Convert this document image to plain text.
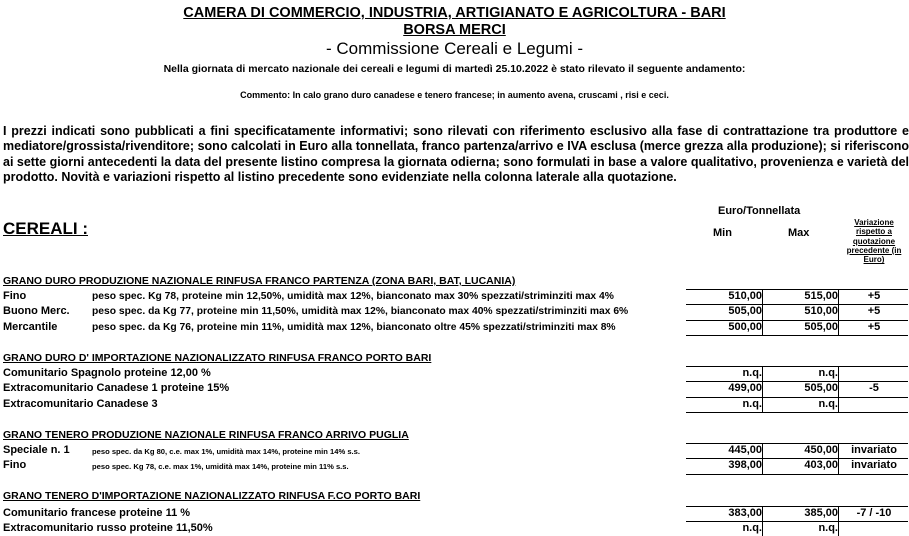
CAMERA DI COMMERCIO, INDUSTRIA, ARTIGIANATO E AGRICOLTURA - BARI
BORSA MERCI
- Commissione Cereali e Legumi -
Nella giornata di mercato nazionale dei cereali e legumi di martedì 25.10.2022 è stato rilevato il seguente andamento:
Commento: In calo grano duro canadese e tenero francese; in aumento avena, cruscami , risi e ceci.
I prezzi indicati sono pubblicati a fini specificatamente informativi; sono rilevati con riferimento esclusivo alla fase di contrattazione tra produttore e mediatore/grossista/rivenditore; sono calcolati in Euro alla tonnellata, franco partenza/arrivo e IVA esclusa (merce grezza alla produzione); si riferiscono ai sette giorni antecedenti la data del presente listino compresa la giornata odierna; sono formulati in base a valore qualitativo, provenienza e varietà del prodotto. Novità e variazioni rispetto al listino precedente sono evidenziate nella colonna laterale alla quotazione.
CEREALI :
Euro/Tonnellata
Min	Max
Variazione rispetto a quotazione precedente (in Euro)
GRANO DURO PRODUZIONE NAZIONALE RINFUSA FRANCO PARTENZA (ZONA BARI, BAT, LUCANIA)
Fino	peso spec. Kg 78, proteine min 12,50%, umidità max 12%, bianconato max 30% spezzati/striminziti max 4%	510,00	515,00	+5
Buono Merc. peso spec. da Kg 77, proteine min 11,50%, umidità max 12%, bianconato max 40% spezzati/striminziti max 6%	505,00	510,00	+5
Mercantile	peso spec. da Kg 76, proteine min 11%, umidità max 12%, bianconato oltre 45% spezzati/striminziti max 8%	500,00	505,00	+5
GRANO DURO D' IMPORTAZIONE NAZIONALIZZATO RINFUSA FRANCO PORTO BARI
Comunitario Spagnolo proteine 12,00 %	n.q.	n.q.
Extracomunitario Canadese 1 proteine 15%	499,00	505,00	-5
Extracomunitario Canadese 3	n.q.	n.q.
GRANO TENERO PRODUZIONE NAZIONALE RINFUSA FRANCO ARRIVO PUGLIA
Speciale n. 1	peso spec. da Kg 80, c.e. max 1%, umidità max 14%, proteine min 14% s.s.	445,00	450,00	invariato
Fino	peso spec. Kg 78, c.e. max 1%, umidità max 14%, proteine min 11% s.s.	398,00	403,00	invariato
GRANO TENERO D'IMPORTAZIONE NAZIONALIZZATO RINFUSA F.CO PORTO BARI
Comunitario francese proteine 11 %	383,00	385,00	-7 / -10
Extracomunitario russo proteine 11,50%	n.q.	n.q.
